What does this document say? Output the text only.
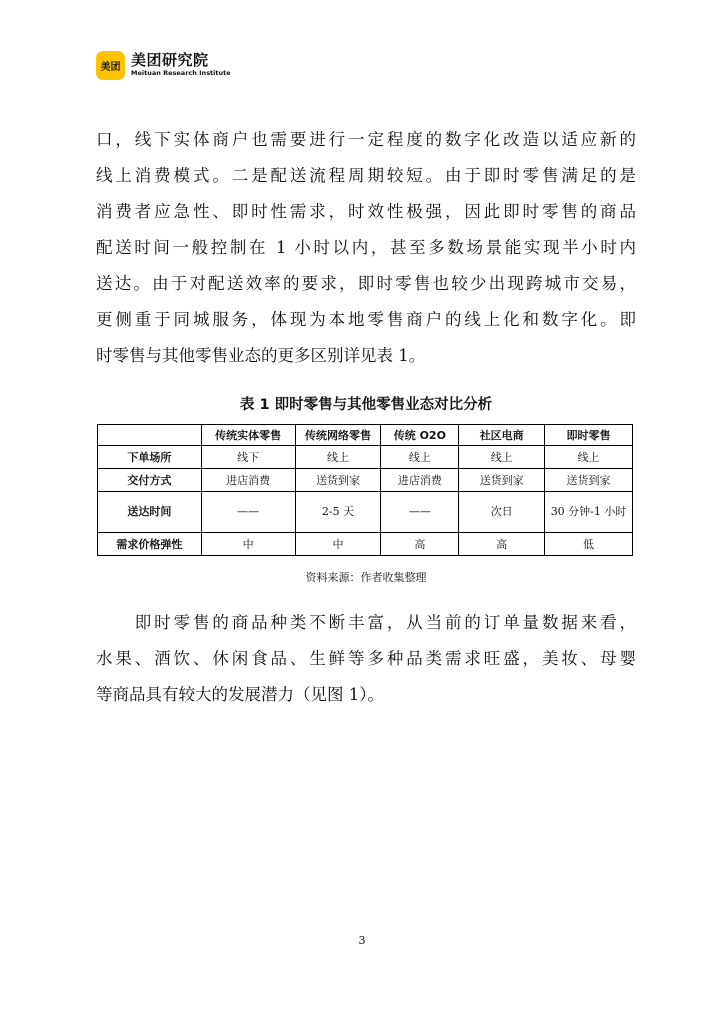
美团 美团研究院
Meituan Research Institute

口，线下实体商户也需要进行一定程度的数字化改造以适应新的

线上消费模式。二是配送流程周期较短。由于即时零售满足的是

消费者应急性、即时性需求，时效性极强，因此即时零售的商品

配送时间一般控制在 1 小时以内，甚至多数场景能实现半小时内

送达。由于对配送效率的要求，即时零售也较少出现跨城市交易，

更侧重于同城服务，体现为本地零售商户的线上化和数字化。即

时零售与其他零售业态的更多区别详见表 1。

表 1 即时零售与其他零售业态对比分析
	传统实体零售	传统网络零售	传统 O2O	社区电商	即时零售
下单场所	线下	线上	线上	线上	线上
交付方式	进店消费	送货到家	进店消费	送货到家	送货到家
送达时间	——	2-5 天	——	次日	30 分钟-1 小时
需求价格弹性	中	中	高	高	低
资料来源：作者收集整理

　　即时零售的商品种类不断丰富，从当前的订单量数据来看，

水果、酒饮、休闲食品、生鲜等多种品类需求旺盛，美妆、母婴

等商品具有较大的发展潜力（见图 1）。

3
